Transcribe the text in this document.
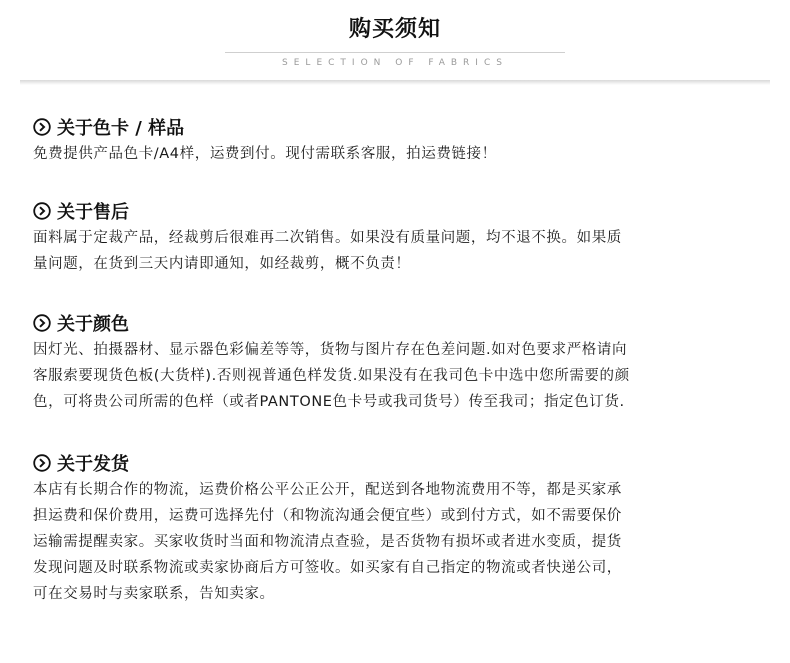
购买须知
SELECTION OF FABRICS
关于色卡 / 样品
免费提供产品色卡/A4样，运费到付。现付需联系客服，拍运费链接！
关于售后
面料属于定裁产品，经裁剪后很难再二次销售。如果没有质量问题，均不退不换。如果质
量问题，在货到三天内请即通知，如经裁剪，概不负责！
关于颜色
因灯光、拍摄器材、显示器色彩偏差等等，货物与图片存在色差问题.如对色要求严格请向
客服索要现货色板(大货样).否则视普通色样发货.如果没有在我司色卡中选中您所需要的颜
色，可将贵公司所需的色样（或者PANTONE色卡号或我司货号）传至我司；指定色订货.
关于发货
本店有长期合作的物流，运费价格公平公正公开，配送到各地物流费用不等，都是买家承
担运费和保价费用，运费可选择先付（和物流沟通会便宜些）或到付方式，如不需要保价
运输需提醒卖家。买家收货时当面和物流清点查验，是否货物有损坏或者进水变质，提货
发现问题及时联系物流或卖家协商后方可签收。如买家有自己指定的物流或者快递公司，
可在交易时与卖家联系，告知卖家。
